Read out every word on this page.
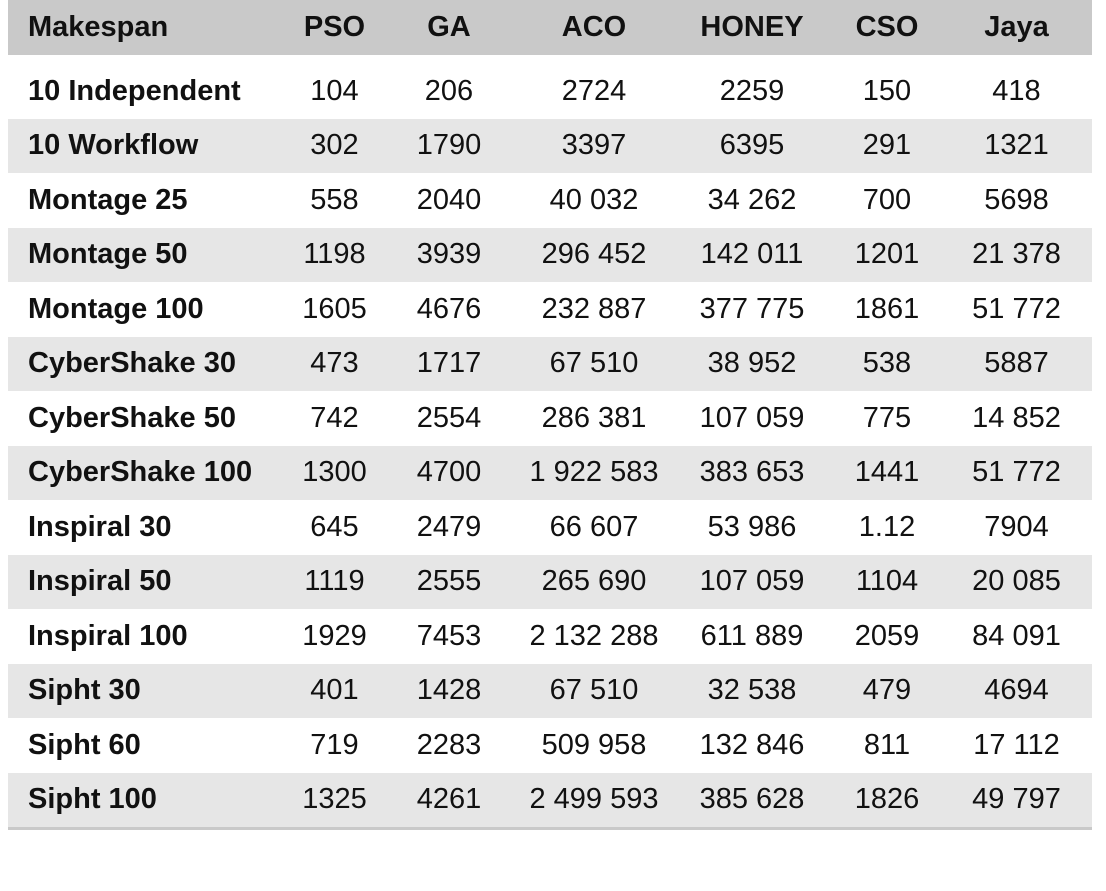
Makespan	PSO	GA	ACO	HONEY	CSO	Jaya

10 Independent	104	206	2724	2259	150	418
10 Workflow	302	1790	3397	6395	291	1321
Montage 25	558	2040	40 032	34 262	700	5698
Montage 50	1198	3939	296 452	142 011	1201	21 378
Montage 100	1605	4676	232 887	377 775	1861	51 772
CyberShake 30	473	1717	67 510	38 952	538	5887
CyberShake 50	742	2554	286 381	107 059	775	14 852
CyberShake 100	1300	4700	1 922 583	383 653	1441	51 772
Inspiral 30	645	2479	66 607	53 986	1.12	7904
Inspiral 50	1119	2555	265 690	107 059	1104	20 085
Inspiral 100	1929	7453	2 132 288	611 889	2059	84 091
Sipht 30	401	1428	67 510	32 538	479	4694
Sipht 60	719	2283	509 958	132 846	811	17 112
Sipht 100	1325	4261	2 499 593	385 628	1826	49 797
